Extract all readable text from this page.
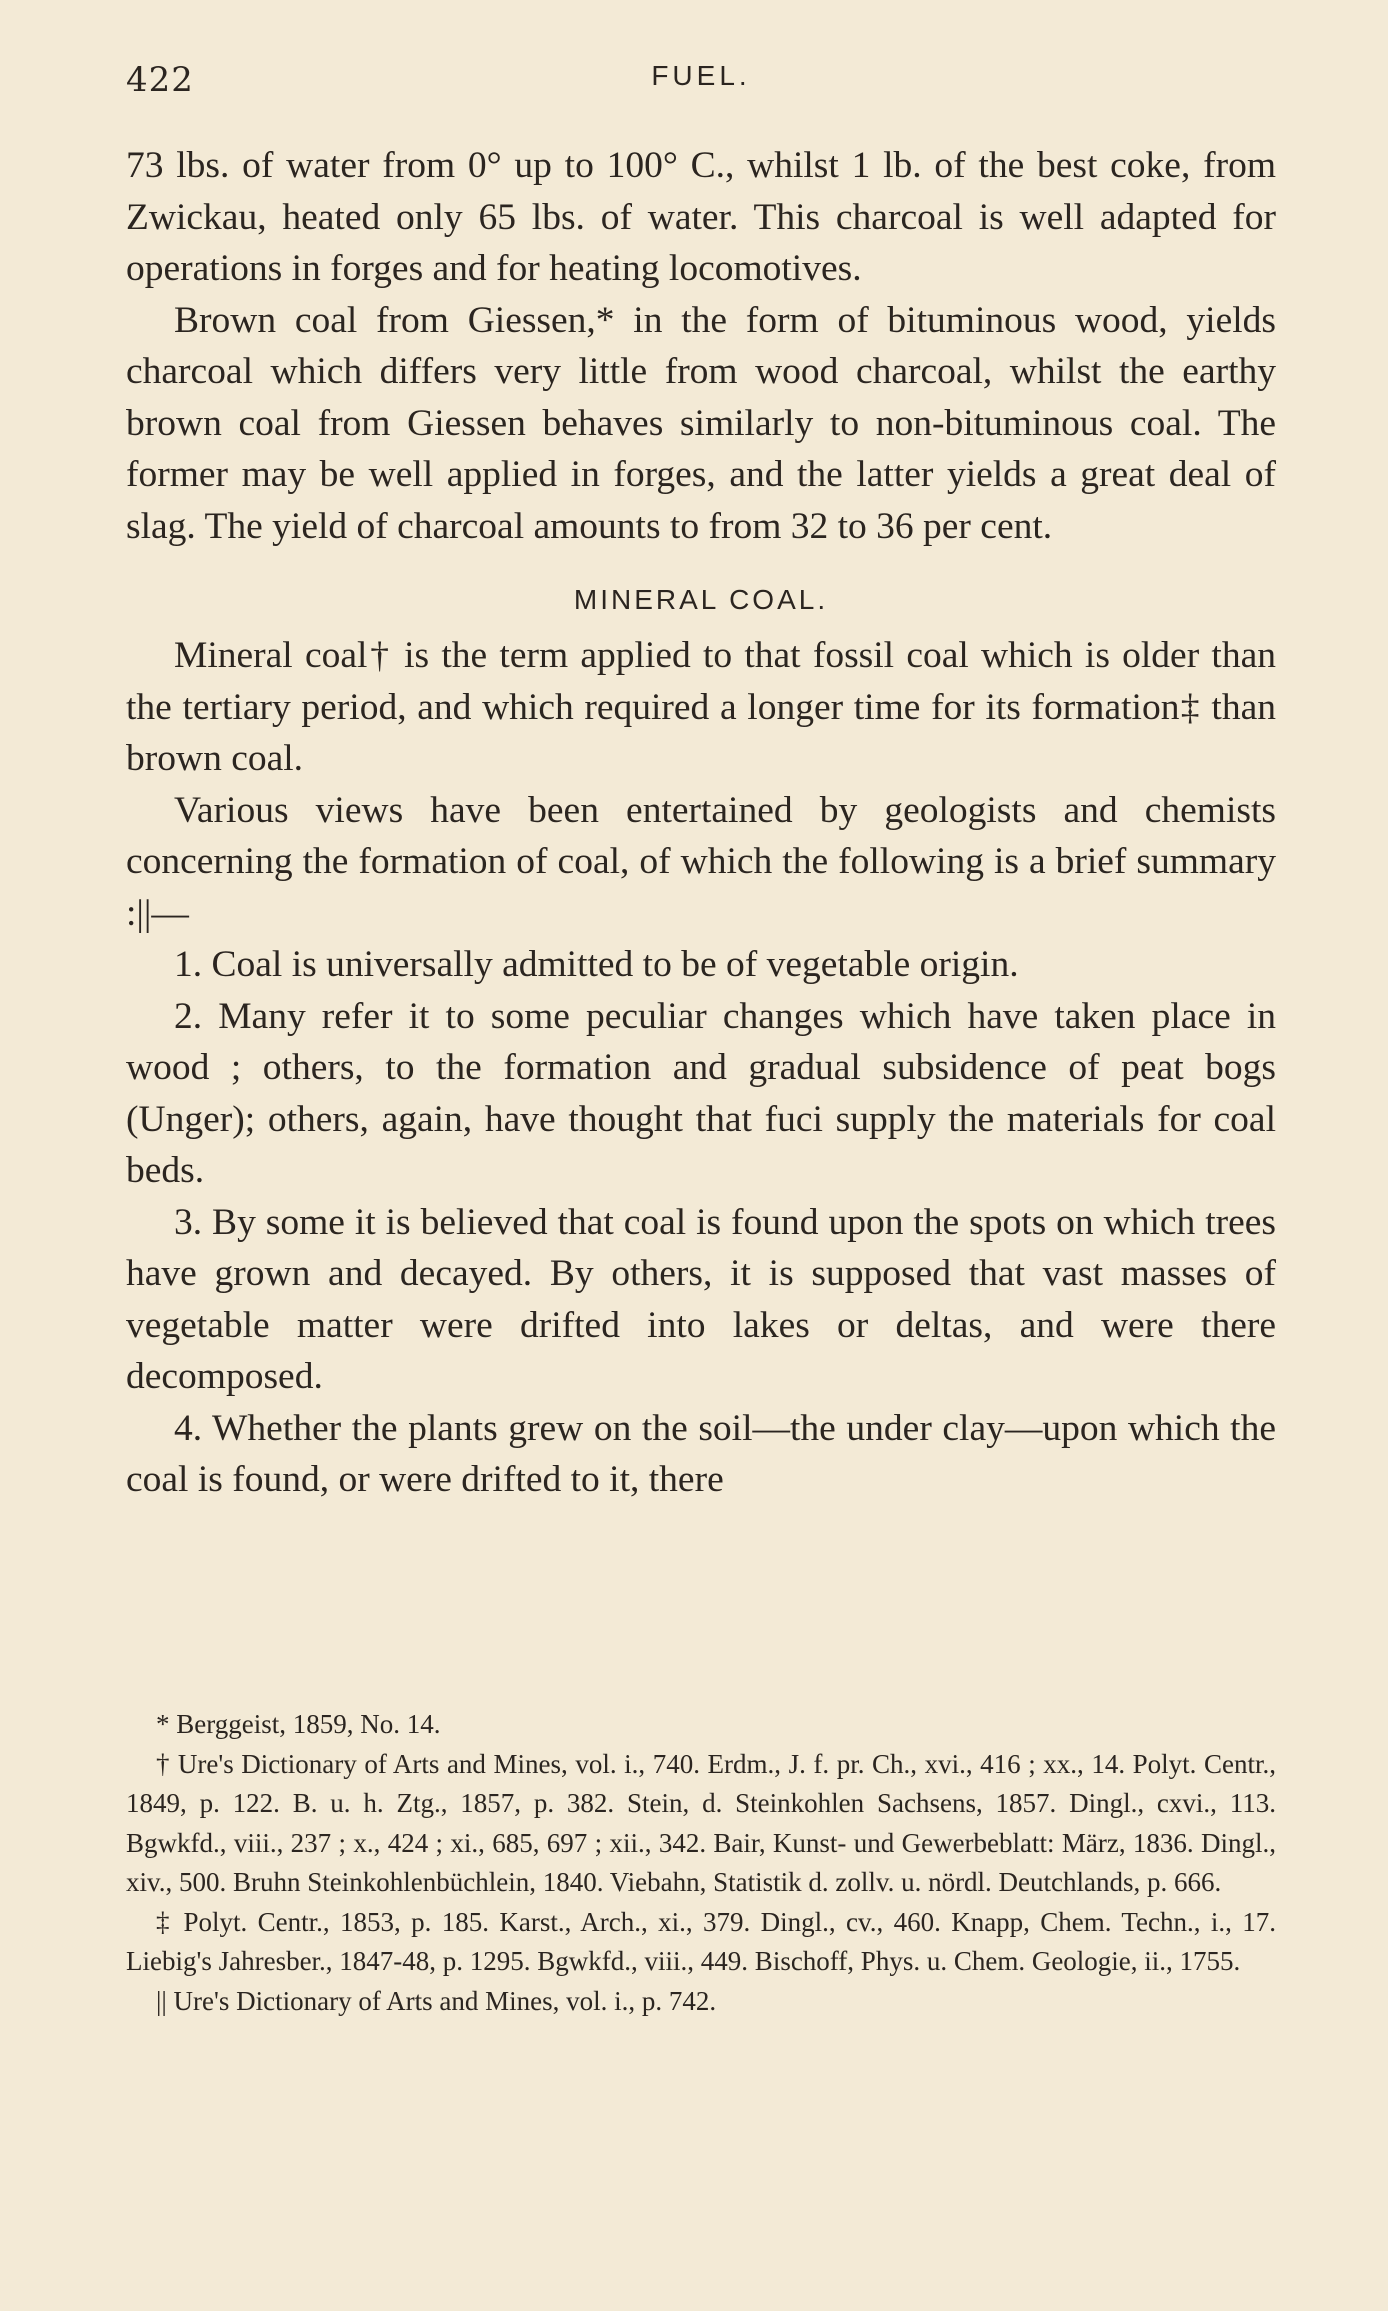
422	FUEL.

73 lbs. of water from 0° up to 100° C., whilst 1 lb. of the best coke, from Zwickau, heated only 65 lbs. of water. This charcoal is well adapted for operations in forges and for heating locomotives.

Brown coal from Giessen,* in the form of bituminous wood, yields charcoal which differs very little from wood charcoal, whilst the earthy brown coal from Giessen behaves similarly to non-bituminous coal. The former may be well applied in forges, and the latter yields a great deal of slag. The yield of charcoal amounts to from 32 to 36 per cent.

MINERAL COAL.

Mineral coal† is the term applied to that fossil coal which is older than the tertiary period, and which required a longer time for its formation‡ than brown coal.

Various views have been entertained by geologists and chemists concerning the formation of coal, of which the following is a brief summary :||—

1. Coal is universally admitted to be of vegetable origin.

2. Many refer it to some peculiar changes which have taken place in wood ; others, to the formation and gradual subsidence of peat bogs (Unger); others, again, have thought that fuci supply the materials for coal beds.

3. By some it is believed that coal is found upon the spots on which trees have grown and decayed. By others, it is supposed that vast masses of vegetable matter were drifted into lakes or deltas, and were there decomposed.

4. Whether the plants grew on the soil—the under clay—upon which the coal is found, or were drifted to it, there

* Berggeist, 1859, No. 14.

† Ure's Dictionary of Arts and Mines, vol. i., 740. Erdm., J. f. pr. Ch., xvi., 416 ; xx., 14. Polyt. Centr., 1849, p. 122. B. u. h. Ztg., 1857, p. 382. Stein, d. Steinkohlen Sachsens, 1857. Dingl., cxvi., 113. Bgwkfd., viii., 237 ; x., 424 ; xi., 685, 697 ; xii., 342. Bair, Kunst- und Gewerbeblatt: März, 1836. Dingl., xiv., 500. Bruhn Steinkohlenbüchlein, 1840. Viebahn, Statistik d. zollv. u. nördl. Deutchlands, p. 666.

‡ Polyt. Centr., 1853, p. 185. Karst., Arch., xi., 379. Dingl., cv., 460. Knapp, Chem. Techn., i., 17. Liebig's Jahresber., 1847-48, p. 1295. Bgwkfd., viii., 449. Bischoff, Phys. u. Chem. Geologie, ii., 1755.

|| Ure's Dictionary of Arts and Mines, vol. i., p. 742.
